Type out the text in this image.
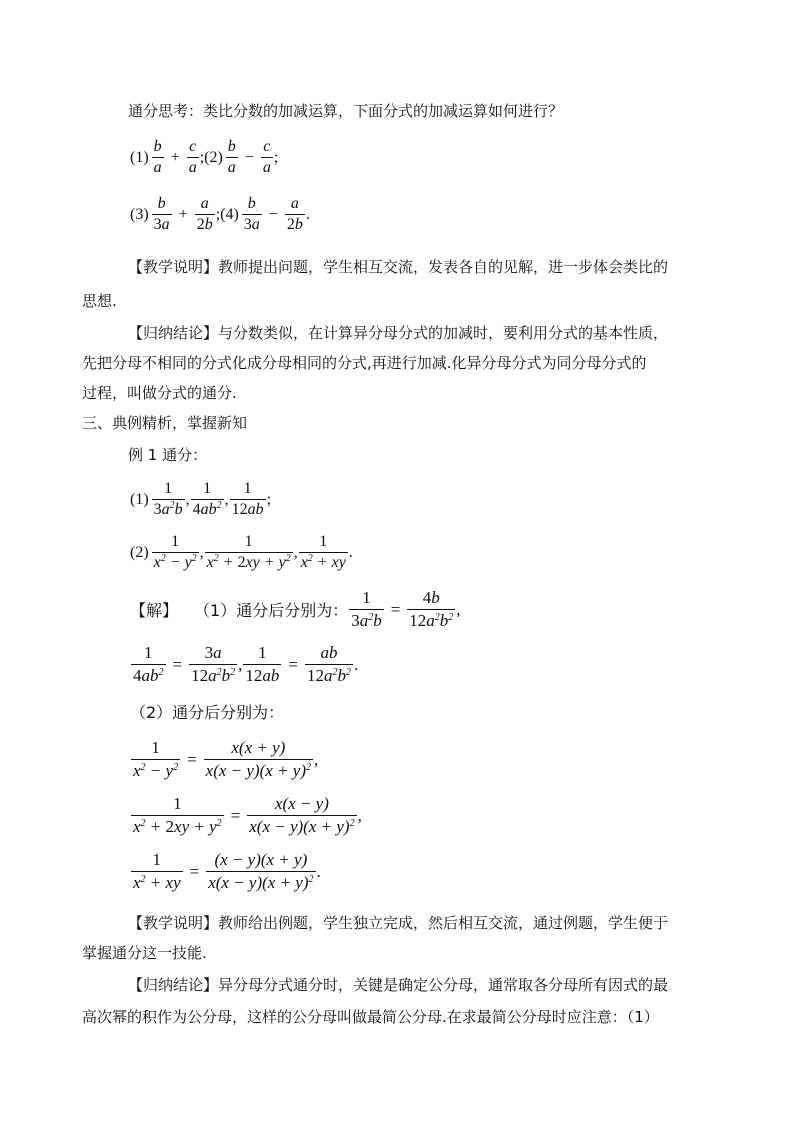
通分思考：类比分数的加减运算，下面分式的加减运算如何进行？
$(1) \frac{b}{a} + \frac{c}{a}$ ; $(2) \frac{b}{a} - \frac{c}{a}$ ;
$(3) \frac{b}{3a} + \frac{a}{2b}$ ; $(4) \frac{b}{3a} - \frac{a}{2b}$ .
【教学说明】教师提出问题，学生相互交流，发表各自的见解，进一步体会类比的
思想.
【归纳结论】与分数类似，在计算异分母分式的加减时，要利用分式的基本性质，
先把分母不相同的分式化成分母相同的分式,再进行加减.化异分母分式为同分母分式的
过程，叫做分式的通分.
三、典例精析，掌握新知
例 1 通分：
$(1) \frac{1}{3a^2b}$ , $\frac{1}{4ab^2}$ , $\frac{1}{12ab}$ ;
$(2) \frac{1}{x^2 - y^2}$ , $\frac{1}{x^2 + 2xy + y^2}$ , $\frac{1}{x^2 + xy}$ .
【解】 （1）通分后分别为： $\frac{1}{3a^2b} = \frac{4b}{12a^2b^2}$ ,
$\frac{1}{4ab^2} = \frac{3a}{12a^2b^2}$ , $\frac{1}{12ab} = \frac{ab}{12a^2b^2}$ .
（2）通分后分别为：
$\frac{1}{x^2 - y^2} = \frac{x(x + y)}{x(x - y)(x + y)^2}$ ,
$\frac{1}{x^2 + 2xy + y^2} = \frac{x(x - y)}{x(x - y)(x + y)^2}$ ,
$\frac{1}{x^2 + xy} = \frac{(x - y)(x + y)}{x(x - y)(x + y)^2}$ .
【教学说明】教师给出例题，学生独立完成，然后相互交流，通过例题，学生便于
掌握通分这一技能.
【归纳结论】异分母分式通分时，关键是确定公分母，通常取各分母所有因式的最
高次幂的积作为公分母，这样的公分母叫做最简公分母.在求最简公分母时应注意：（1）
